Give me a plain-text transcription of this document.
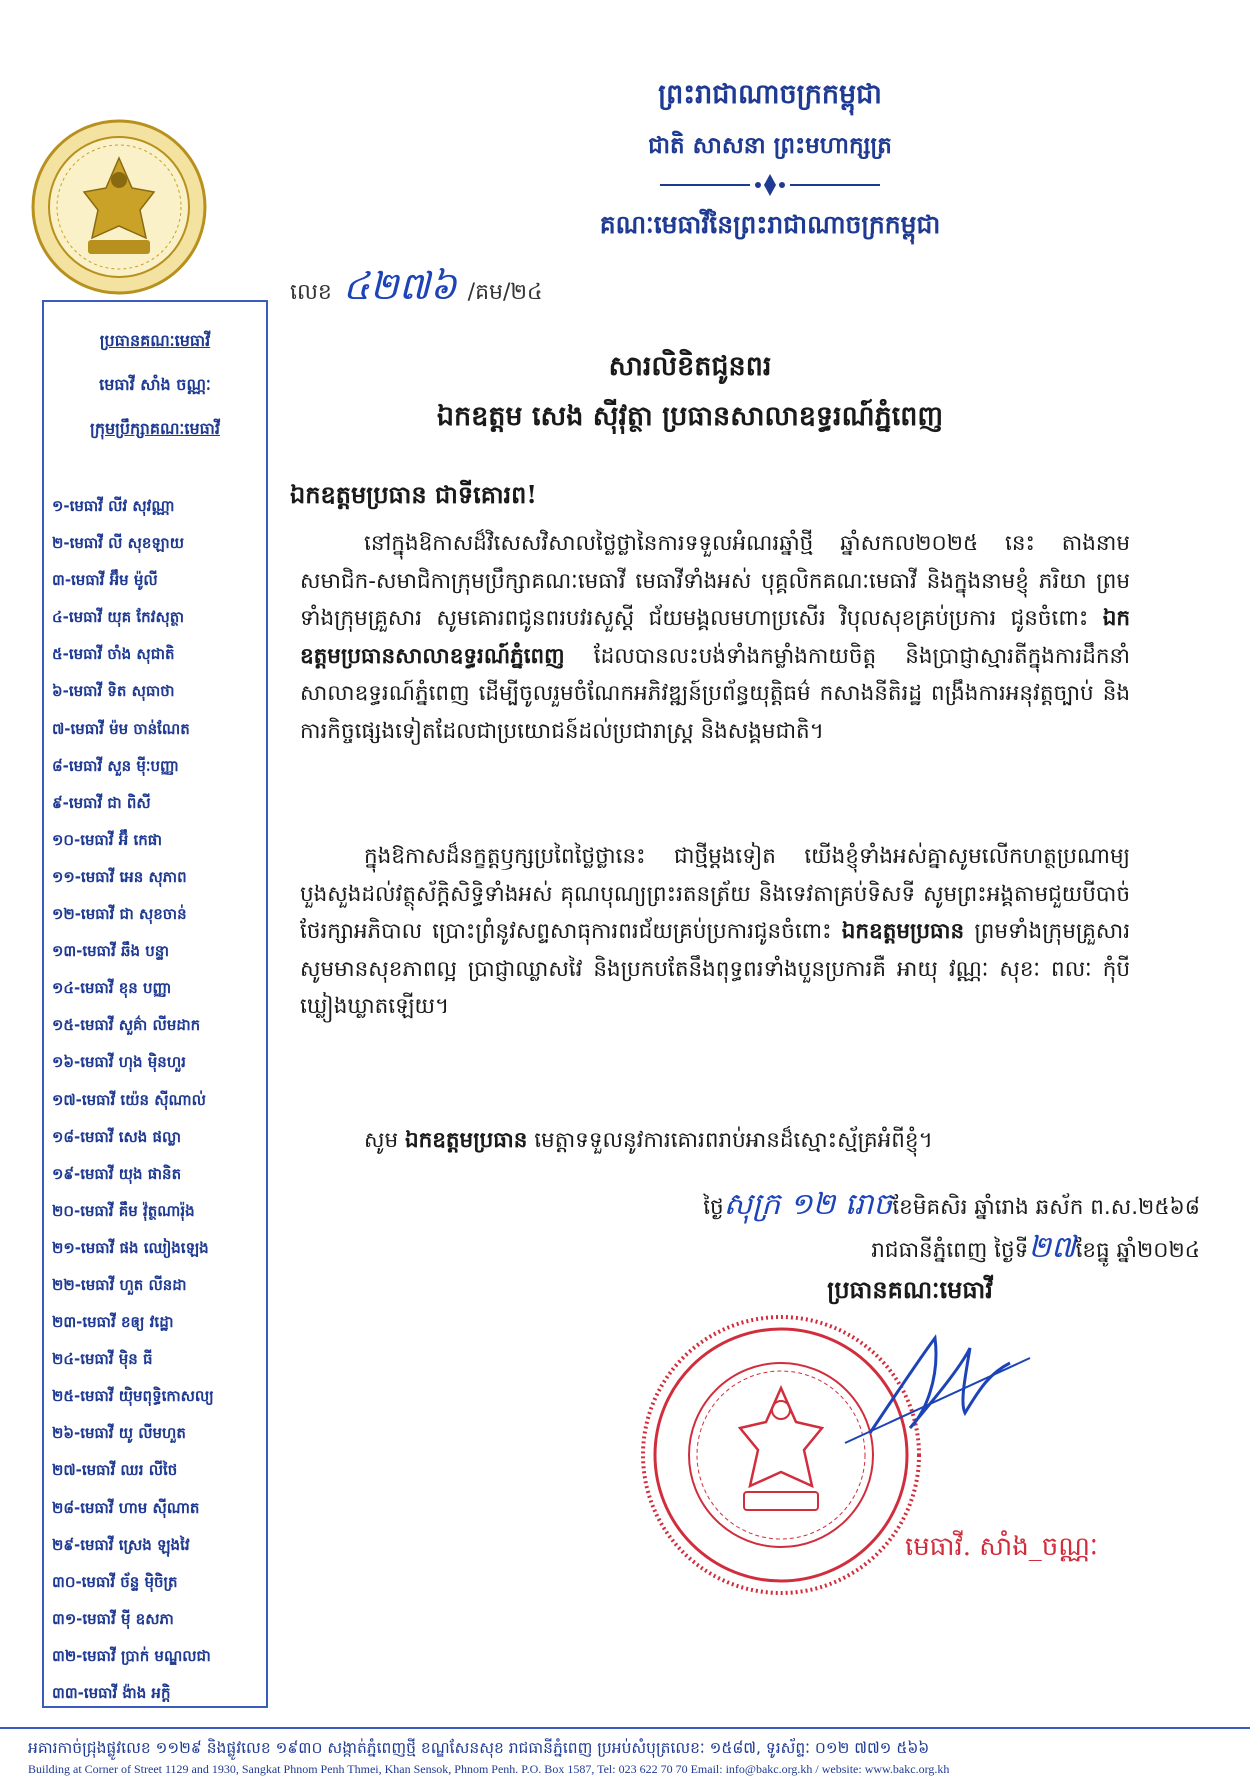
ព្រះរាជាណាចក្រកម្ពុជា
ជាតិ សាសនា ព្រះមហាក្សត្រ
គណៈមេធាវីនៃព្រះរាជាណាចក្រកម្ពុជា
លេខ ៤២៧៦ /គម/២៤
ប្រធានគណៈមេធាវី
មេធាវី សាំង ចណ្ណៈ
ក្រុមប្រឹក្សាគណៈមេធាវី
១-មេធាវី លីវ សុវណ្ណា
២-មេធាវី លី សុខឡាយ
៣-មេធាវី អ៊ឹម ម៉ូលី
៤-មេធាវី យុគ កែវសុត្ថា
៥-មេធាវី ចាំង សុជាតិ
៦-មេធាវី ទិត សុធាថា
៧-មេធាវី ម៉ម ចាន់ណែត
៨-មេធាវី សួន ម៉ីៈបញ្ញា
៩-មេធាវី ជា ពិសី
១០-មេធាវី អ៊ឹ កេផា
១១-មេធាវី អេន សុភាព
១២-មេធាវី ជា សុខចាន់
១៣-មេធាវី ឆឹង បន្ទា
១៤-មេធាវី ខុន បញ្ញា
១៥-មេធាវី សួគ៌ា លីមដាក
១៦-មេធាវី ហុង ម៉ិនហួរ
១៧-មេធាវី យ៉េន ស៊ីណាល់
១៨-មេធាវី សេង ផល្លា
១៩-មេធាវី យុង ផានិត
២០-មេធាវី គឹម វ៉ុត្ថណារ៉ុង
២១-មេធាវី ផង ឈៀងឡេង
២២-មេធាវី ហួត លីនដា
២៣-មេធាវី ខឲ្យ វដ្ឋោ
២៤-មេធាវី ម៉ិន ធី
២៥-មេធាវី យ៉ិមពុទ្ធិកោសល្យ
២៦-មេធាវី យូ លីមហួត
២៧-មេធាវី ឈរ លីថៃ
២៨-មេធាវី ហាម ស៊ីណាត
២៩-មេធាវី ស្រេង ឡុងវៃ
៣០-មេធាវី ច័ន្ទ ម៉ិចិត្រ
៣១-មេធាវី ម៉ី ឧសភា
៣២-មេធាវី ប្រាក់ មណ្ឌលជា
៣៣-មេធាវី ង៉ាង អក្តិ
សារលិខិតជូនពរ
ឯកឧត្តម សេង ស៊ីវុត្ថា ប្រធានសាលាឧទ្ធរណ៍ភ្នំពេញ
ឯកឧត្តមប្រធាន ជាទីគោរព!
នៅក្នុងឱកាសដ៏វិសេសវិសាលថ្លៃថ្លានៃការទទួលអំណរឆ្នាំថ្មី ឆ្នាំសកល២០២៥ នេះ តាងនាមសមាជិក-សមាជិកាក្រុមប្រឹក្សាគណៈមេធាវី មេធាវីទាំងអស់ បុគ្គលិកគណៈមេធាវី និងក្នុងនាមខ្ញុំ ភរិយា ព្រមទាំងក្រុមគ្រួសារ សូមគោរពជូនពរបវរសួស្តី ជ័យមង្គលមហាប្រសើរ វិបុលសុខគ្រប់ប្រការ ជូនចំពោះ ឯកឧត្តមប្រធានសាលាឧទ្ធរណ៍ភ្នំពេញ ដែលបានលះបង់ទាំងកម្លាំងកាយចិត្ត និងប្រាជ្ញាស្មារតីក្នុងការដឹកនាំសាលាឧទ្ធរណ៍ភ្នំពេញ ដើម្បីចូលរួមចំណែកអភិវឌ្ឍន៍ប្រព័ន្ធយុត្តិធម៌ កសាងនីតិរដ្ឋ ពង្រឹងការអនុវត្តច្បាប់ និងការកិច្ចផ្សេងទៀតដែលជាប្រយោជន៍ដល់ប្រជារាស្ត្រ និងសង្គមជាតិ។
ក្នុងឱកាសដ៏នក្ខត្តឫក្សប្រពៃថ្លៃថ្លានេះ ជាថ្មីម្តងទៀត យើងខ្ញុំទាំងអស់គ្នាសូមលើកហត្ថប្រណាម្យបួងសួងដល់វត្ថុស័ក្តិសិទ្ធិទាំងអស់ គុណបុណ្យព្រះរតនត្រ័យ និងទេវតាគ្រប់ទិសទី សូមព្រះអង្គតាមជួយបីបាច់ថែរក្សាអភិបាល ប្រោះព្រំនូវសព្ទសាធុការពរជ័យគ្រប់ប្រការជូនចំពោះ ឯកឧត្តមប្រធាន ព្រមទាំងក្រុមគ្រួសារ សូមមានសុខភាពល្អ ប្រាជ្ញាឈ្លាសវៃ និងប្រកបតែនឹងពុទ្ធពរទាំងបួនប្រការគឺ អាយុ វណ្ណៈ សុខៈ ពលៈ កុំបីឃ្លៀងឃ្លាតឡើយ។
សូម ឯកឧត្តមប្រធាន មេត្តាទទួលនូវការគោរពរាប់អានដ៏ស្មោះស្ម័គ្រអំពីខ្ញុំ។
ថ្ងៃសុក្រ ១២ រោចខែមិគសិរ ឆ្នាំរោង ឆស័ក ព.ស.២៥៦៨
រាជធានីភ្នំពេញ ថ្ងៃទី២៧ខែធ្នូ ឆ្នាំ២០២៤
ប្រធានគណៈមេធាវី
មេធាវី. សាំង_ចណ្ណៈ
អគារកាច់ជ្រុងផ្លូវលេខ ១១២៩ និងផ្លូវលេខ ១៩៣០ សង្កាត់ភ្នំពេញថ្មី ខណ្ឌសែនសុខ រាជធានីភ្នំពេញ ប្រអប់សំបុត្រលេខៈ ១៥៨៧, ទូរស័ព្ទៈ ០១២ ៧៧១ ៥៦៦
Building at Corner of Street 1129 and 1930, Sangkat Phnom Penh Thmei, Khan Sensok, Phnom Penh. P.O. Box 1587, Tel: 023 622 70 70 Email: info@bakc.org.kh / website: www.bakc.org.kh
